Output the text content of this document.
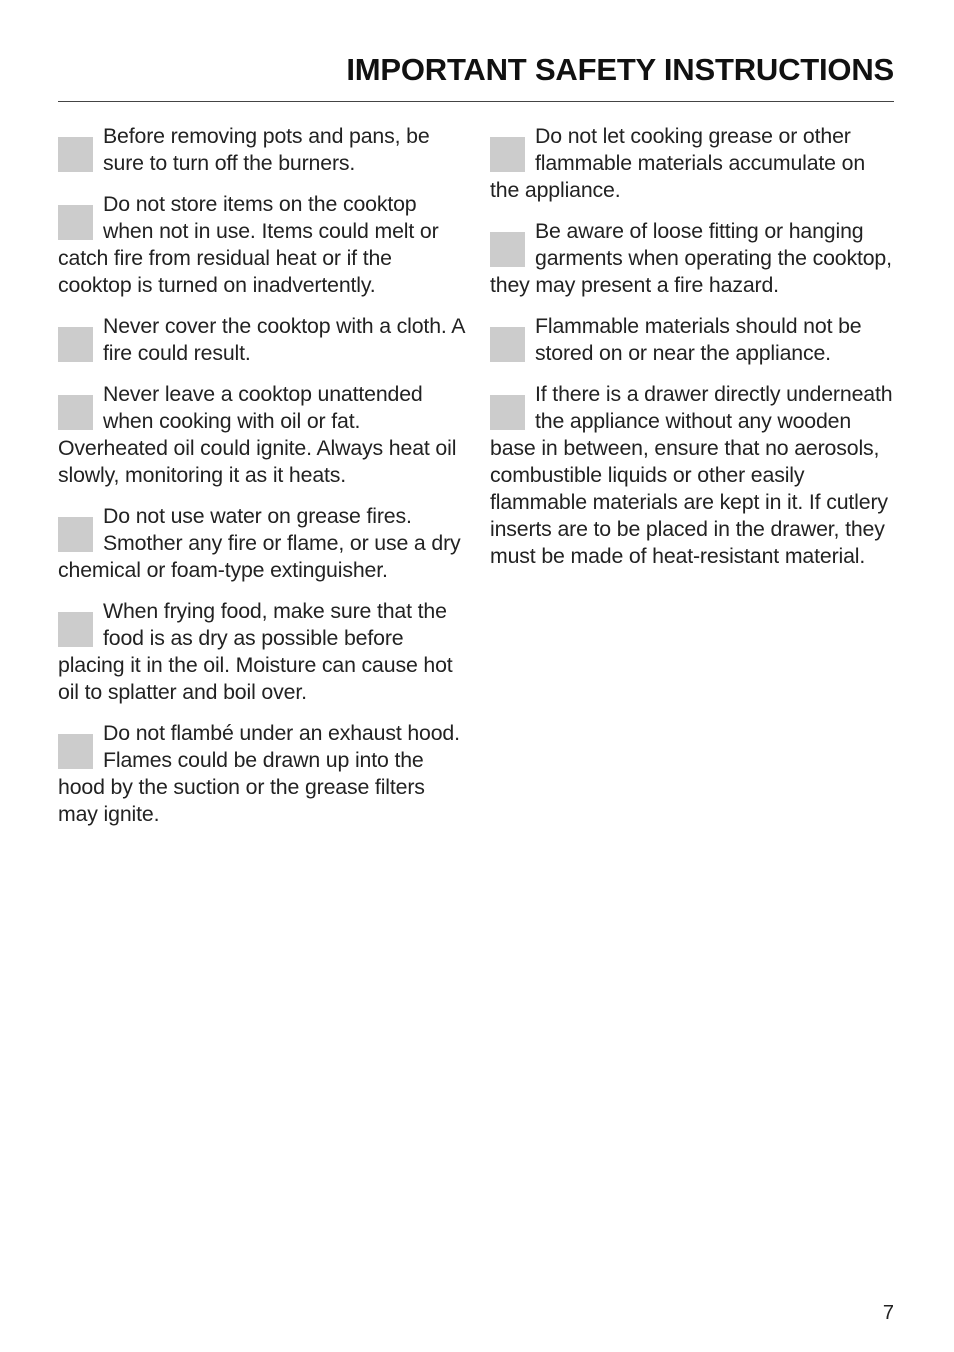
IMPORTANT SAFETY INSTRUCTIONS
Before removing pots and pans, be sure to turn off the burners.
Do not store items on the cooktop when not in use. Items could melt or catch fire from residual heat or if the cooktop is turned on inadvertently.
Never cover the cooktop with a cloth. A fire could result.
Never leave a cooktop unattended when cooking with oil or fat. Overheated oil could ignite. Always heat oil slowly, monitoring it as it heats.
Do not use water on grease fires. Smother any fire or flame, or use a dry chemical or foam-type extinguisher.
When frying food, make sure that the food is as dry as possible before placing it in the oil. Moisture can cause hot oil to splatter and boil over.
Do not flambé under an exhaust hood. Flames could be drawn up into the hood by the suction or the grease filters may ignite.
Do not let cooking grease or other flammable materials accumulate on the appliance.
Be aware of loose fitting or hanging garments when operating the cooktop, they may present a fire hazard.
Flammable materials should not be stored on or near the appliance.
If there is a drawer directly underneath the appliance without any wooden base in between, ensure that no aerosols, combustible liquids or other easily flammable materials are kept in it. If cutlery inserts are to be placed in the drawer, they must be made of heat-resistant material.
7
